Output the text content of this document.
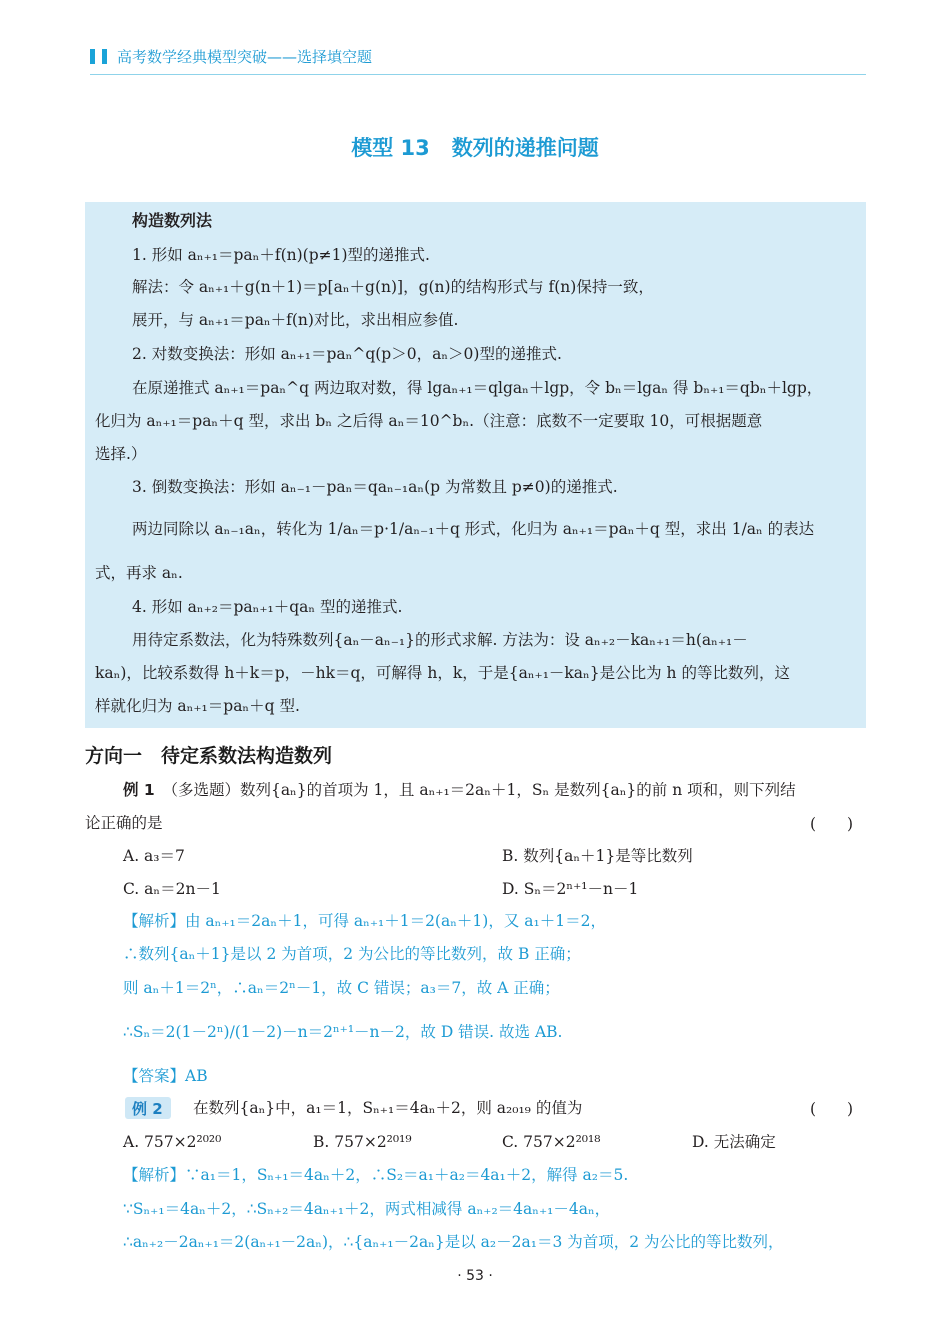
高考数学经典模型突破——选择填空题
模型 13 数列的递推问题
构造数列法
1. 形如 aₙ₊₁＝paₙ＋f(n)(p≠1)型的递推式.
解法：令 aₙ₊₁＋g(n＋1)＝p[aₙ＋g(n)]，g(n)的结构形式与 f(n)保持一致，
展开，与 aₙ₊₁＝paₙ＋f(n)对比，求出相应参值.
2. 对数变换法：形如 aₙ₊₁＝paₙ^q(p＞0，aₙ＞0)型的递推式.
在原递推式 aₙ₊₁＝paₙ^q 两边取对数，得 lgaₙ₊₁＝qlgaₙ＋lgp，令 bₙ＝lgaₙ 得 bₙ₊₁＝qbₙ＋lgp，
化归为 aₙ₊₁＝paₙ＋q 型，求出 bₙ 之后得 aₙ＝10^bₙ.（注意：底数不一定要取 10，可根据题意
选择.）
3. 倒数变换法：形如 aₙ₋₁－paₙ＝qaₙ₋₁aₙ(p 为常数且 p≠0)的递推式.
两边同除以 aₙ₋₁aₙ，转化为 1/aₙ＝p·1/aₙ₋₁＋q 形式，化归为 aₙ₊₁＝paₙ＋q 型，求出 1/aₙ 的表达
式，再求 aₙ.
4. 形如 aₙ₊₂＝paₙ₊₁＋qaₙ 型的递推式.
用待定系数法，化为特殊数列{aₙ－aₙ₋₁}的形式求解. 方法为：设 aₙ₊₂－kaₙ₊₁＝h(aₙ₊₁－
kaₙ)，比较系数得 h＋k＝p，－hk＝q，可解得 h，k，于是{aₙ₊₁－kaₙ}是公比为 h 的等比数列，这
样就化归为 aₙ₊₁＝paₙ＋q 型.
方向一　待定系数法构造数列
例 1　 （多选题）数列{aₙ}的首项为 1，且 aₙ₊₁＝2aₙ＋1，Sₙ 是数列{aₙ}的前 n 项和，则下列结
论正确的是	(　　)
A. a₃＝7	B. 数列{aₙ＋1}是等比数列
C. aₙ＝2n－1	D. Sₙ＝2ⁿ⁺¹－n－1
【解析】由 aₙ₊₁＝2aₙ＋1，可得 aₙ₊₁＋1＝2(aₙ＋1)，又 a₁＋1＝2，
∴数列{aₙ＋1}是以 2 为首项，2 为公比的等比数列，故 B 正确；
则 aₙ＋1＝2ⁿ，∴aₙ＝2ⁿ－1，故 C 错误；a₃＝7，故 A 正确；
∴Sₙ＝2(1－2ⁿ)/(1－2)－n＝2ⁿ⁺¹－n－2，故 D 错误. 故选 AB.
【答案】AB
例 2 在数列{aₙ}中，a₁＝1，Sₙ₊₁＝4aₙ＋2，则 a₂₀₁₉ 的值为	(　　)
A. 757×2²⁰²⁰	B. 757×2²⁰¹⁹	C. 757×2²⁰¹⁸	D. 无法确定
【解析】∵a₁＝1，Sₙ₊₁＝4aₙ＋2，∴S₂＝a₁＋a₂＝4a₁＋2，解得 a₂＝5.
∵Sₙ₊₁＝4aₙ＋2，∴Sₙ₊₂＝4aₙ₊₁＋2，两式相减得 aₙ₊₂＝4aₙ₊₁－4aₙ，
∴aₙ₊₂－2aₙ₊₁＝2(aₙ₊₁－2aₙ)，∴{aₙ₊₁－2aₙ}是以 a₂－2a₁＝3 为首项，2 为公比的等比数列，
· 53 ·
